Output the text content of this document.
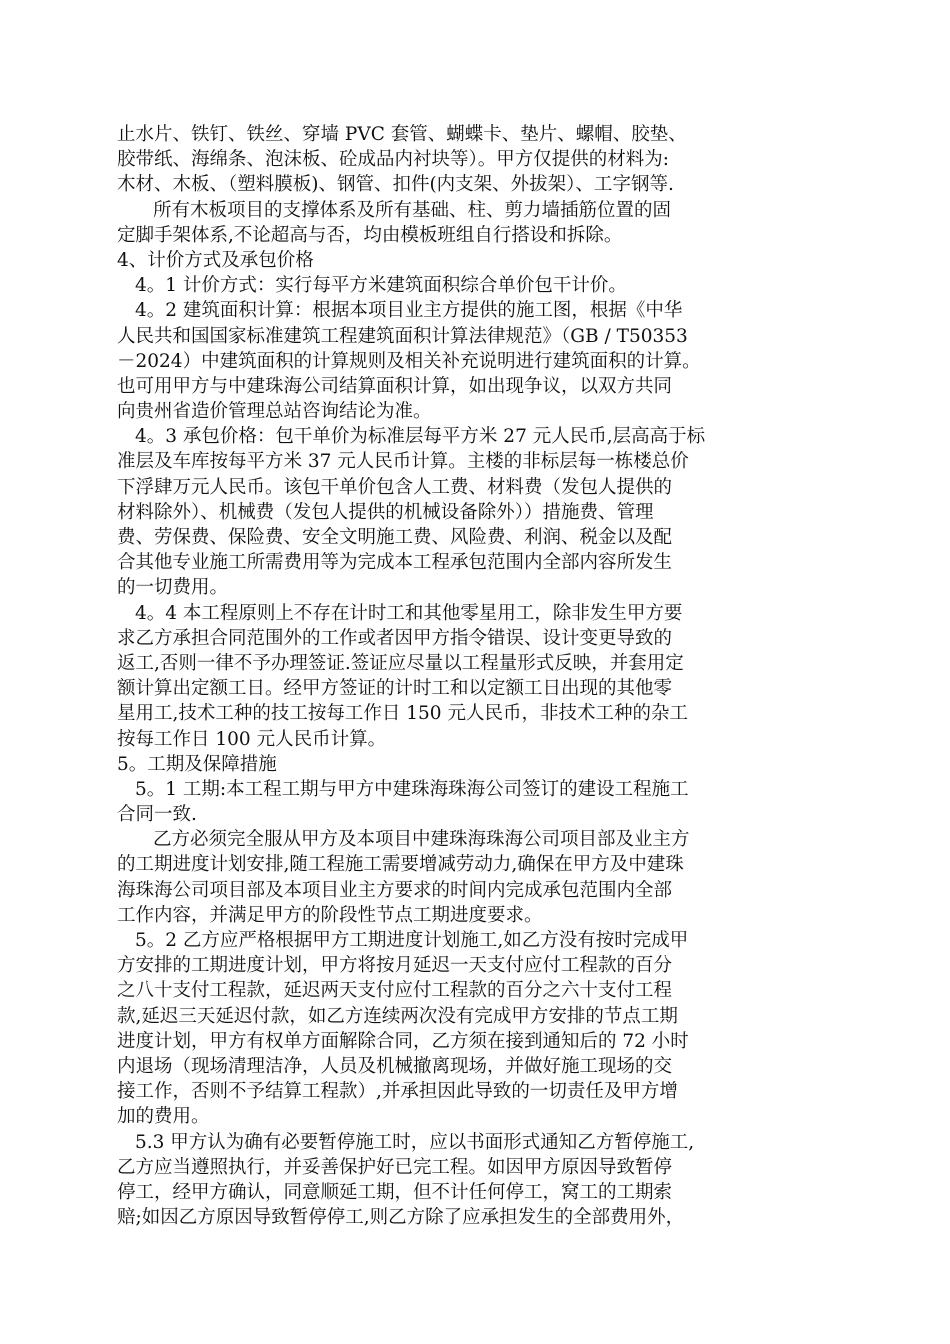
止水片、铁钉、铁丝、穿墙 PVC 套管、蝴蝶卡、垫片、螺帽、胶垫、
胶带纸、海绵条、泡沫板、砼成品内衬块等）。甲方仅提供的材料为:
木材、木板、（塑料膜板)、钢管、扣件(内支架、外拔架）、工字钢等.
所有木板项目的支撑体系及所有基础、柱、剪力墙插筋位置的固
定脚手架体系,不论超高与否，均由模板班组自行搭设和拆除。
4、计价方式及承包价格
4。1 计价方式：实行每平方米建筑面积综合单价包干计价。
4。2 建筑面积计算：根据本项目业主方提供的施工图，根据《中华
人民共和国国家标准建筑工程建筑面积计算法律规范》（GB / T50353
－2024）中建筑面积的计算规则及相关补充说明进行建筑面积的计算。
也可用甲方与中建珠海公司结算面积计算，如出现争议，以双方共同
向贵州省造价管理总站咨询结论为准。
4。3 承包价格：包干单价为标准层每平方米 27 元人民币,层高高于标
准层及车库按每平方米 37 元人民币计算。主楼的非标层每一栋楼总价
下浮肆万元人民币。该包干单价包含人工费、材料费（发包人提供的
材料除外）、机械费（发包人提供的机械设备除外））措施费、管理
费、劳保费、保险费、安全文明施工费、风险费、利润、税金以及配
合其他专业施工所需费用等为完成本工程承包范围内全部内容所发生
的一切费用。
4。4 本工程原则上不存在计时工和其他零星用工，除非发生甲方要
求乙方承担合同范围外的工作或者因甲方指令错误、设计变更导致的
返工,否则一律不予办理签证.签证应尽量以工程量形式反映，并套用定
额计算出定额工日。经甲方签证的计时工和以定额工日出现的其他零
星用工,技术工种的技工按每工作日 150 元人民币，非技术工种的杂工
按每工作日 100 元人民币计算。
5。工期及保障措施
5。1 工期:本工程工期与甲方中建珠海珠海公司签订的建设工程施工
合同一致.
乙方必须完全服从甲方及本项目中建珠海珠海公司项目部及业主方
的工期进度计划安排,随工程施工需要增减劳动力,确保在甲方及中建珠
海珠海公司项目部及本项目业主方要求的时间内完成承包范围内全部
工作内容，并满足甲方的阶段性节点工期进度要求。
5。2 乙方应严格根据甲方工期进度计划施工,如乙方没有按时完成甲
方安排的工期进度计划，甲方将按月延迟一天支付应付工程款的百分
之八十支付工程款，延迟两天支付应付工程款的百分之六十支付工程
款,延迟三天延迟付款，如乙方连续两次没有完成甲方安排的节点工期
进度计划，甲方有权单方面解除合同，乙方须在接到通知后的 72 小时
内退场（现场清理洁净，人员及机械撤离现场，并做好施工现场的交
接工作，否则不予结算工程款）,并承担因此导致的一切责任及甲方增
加的费用。
5.3 甲方认为确有必要暂停施工时，应以书面形式通知乙方暂停施工,
乙方应当遵照执行，并妥善保护好已完工程。如因甲方原因导致暂停
停工，经甲方确认，同意顺延工期，但不计任何停工，窝工的工期索
赔;如因乙方原因导致暂停停工,则乙方除了应承担发生的全部费用外，
